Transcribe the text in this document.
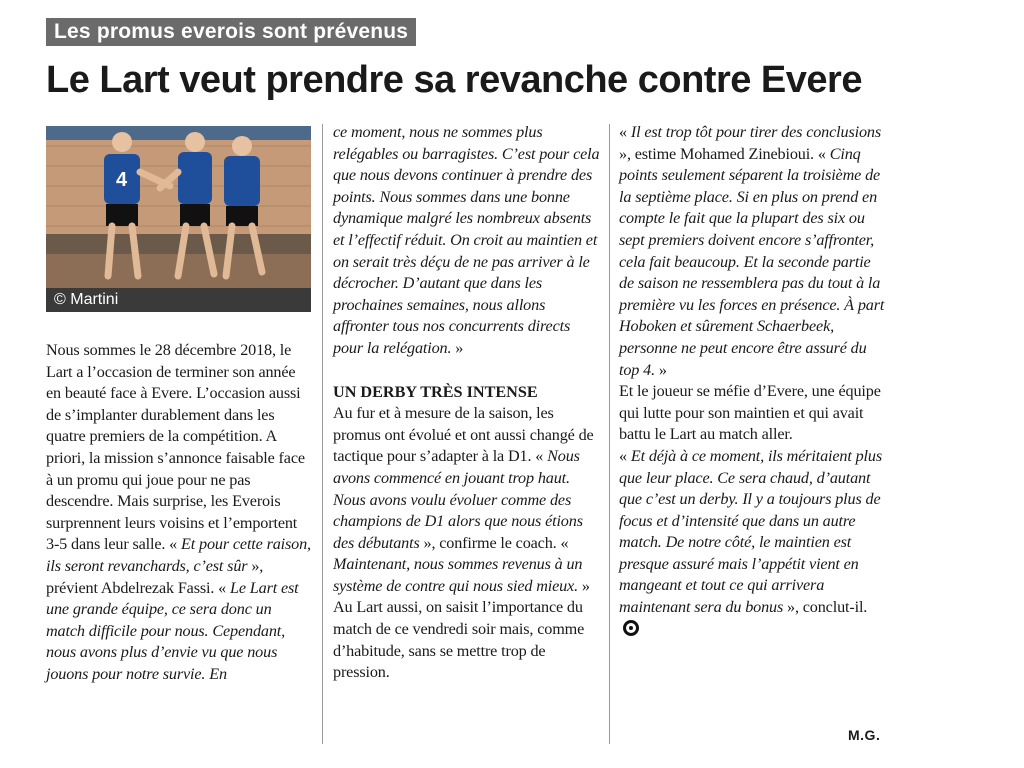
Les promus everois sont prévenus
Le Lart veut prendre sa revanche contre Evere
4
© Martini

Nous sommes le 28 décembre 2018, le Lart a l’occasion de terminer son année en beauté face à Evere. L’occasion aussi de s’implanter durablement dans les quatre premiers de la compétition. A priori, la mission s’annonce faisable face à un promu qui joue pour ne pas descendre. Mais surprise, les Everois surprennent leurs voisins et l’emportent 3-5 dans leur salle. « Et pour cette raison, ils seront revanchards, c’est sûr », prévient Abdelrezak Fassi. « Le Lart est une grande équipe, ce sera donc un match difficile pour nous. Cependant, nous avons plus d’envie vu que nous jouons pour notre survie. En

ce moment, nous ne sommes plus relégables ou barragistes. C’est pour cela que nous devons continuer à prendre des points. Nous sommes dans une bonne dynamique malgré les nombreux absents et l’effectif réduit. On croit au maintien et on serait très déçu de ne pas arriver à le décrocher. D’autant que dans les prochaines semaines, nous allons affronter tous nos concurrents directs pour la relégation. »

UN DERBY TRÈS INTENSE

Au fur et à mesure de la saison, les promus ont évolué et ont aussi changé de tactique pour s’adapter à la D1. « Nous avons commencé en jouant trop haut. Nous avons voulu évoluer comme des champions de D1 alors que nous étions des débutants », confirme le coach. « Maintenant, nous sommes revenus à un système de contre qui nous sied mieux. »

Au Lart aussi, on saisit l’importance du match de ce vendredi soir mais, comme d’habitude, sans se mettre trop de pression.

« Il est trop tôt pour tirer des conclusions », estime Mohamed Zinebioui. « Cinq points seulement séparent la troisième de la septième place. Si en plus on prend en compte le fait que la plupart des six ou sept premiers doivent encore s’affronter, cela fait beaucoup. Et la seconde partie de saison ne ressemblera pas du tout à la première vu les forces en présence. À part Hoboken et sûrement Schaerbeek, personne ne peut encore être assuré du top 4. »

Et le joueur se méfie d’Evere, une équipe qui lutte pour son maintien et qui avait battu le Lart au match aller.

« Et déjà à ce moment, ils méritaient plus que leur place. Ce sera chaud, d’autant que c’est un derby. Il y a toujours plus de focus et d’intensité que dans un autre match. De notre côté, le maintien est presque assuré mais l’appétit vient en mangeant et tout ce qui arrivera maintenant sera du bonus », conclut-il.

M.G.
